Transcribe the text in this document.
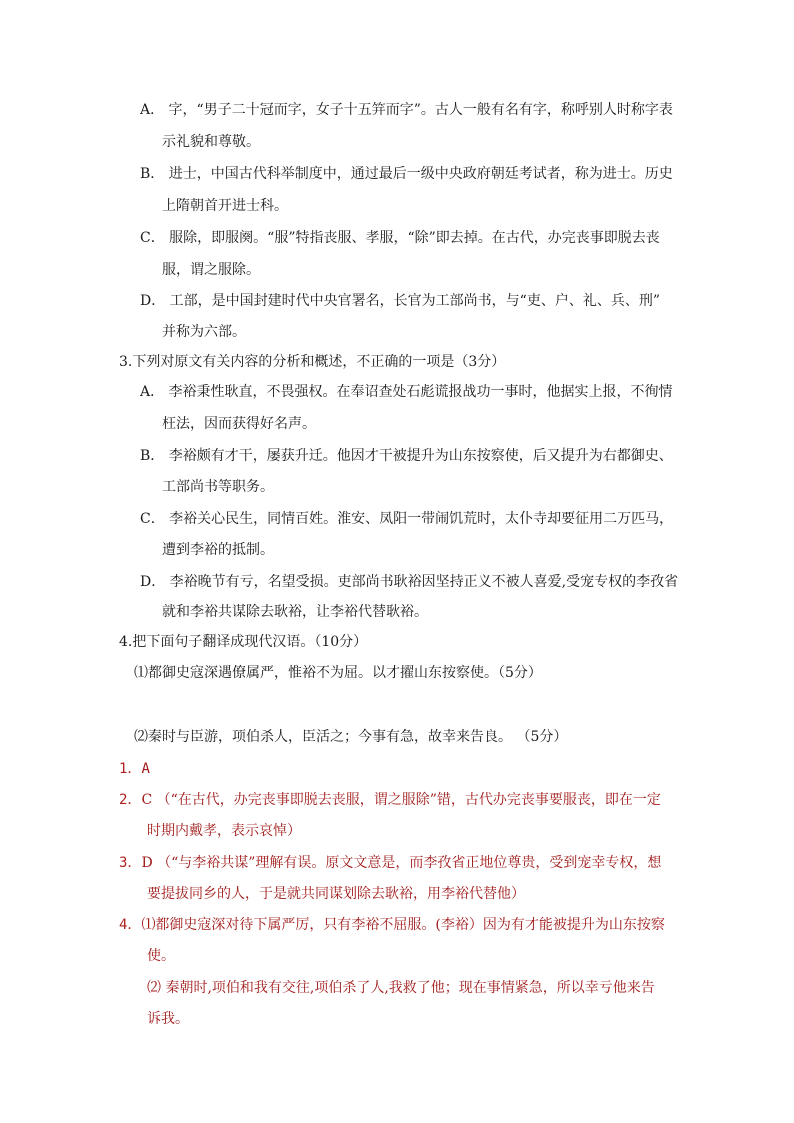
A． 字，“男子二十冠而字，女子十五笄而字”。古人一般有名有字，称呼别人时称字表
示礼貌和尊敬。
B． 进士，中国古代科举制度中，通过最后一级中央政府朝廷考试者，称为进士。历史
上隋朝首开进士科。
C． 服除，即服阕。“服”特指丧服、孝服，“除”即去掉。在古代，办完丧事即脱去丧
服，谓之服除。
D． 工部，是中国封建时代中央官署名，长官为工部尚书，与“吏、户、礼、兵、刑”
并称为六部。
3.下列对原文有关内容的分析和概述，不正确的一项是（3分）
A． 李裕秉性耿直，不畏强权。在奉诏查处石彪谎报战功一事时，他据实上报，不徇情
枉法，因而获得好名声。
B． 李裕颇有才干，屡获升迁。他因才干被提升为山东按察使，后又提升为右都御史、
工部尚书等职务。
C． 李裕关心民生，同情百姓。淮安、凤阳一带闹饥荒时，太仆寺却要征用二万匹马，
遭到李裕的抵制。
D． 李裕晚节有亏，名望受损。吏部尚书耿裕因坚持正义不被人喜爱,受宠专权的李孜省
就和李裕共谋除去耿裕，让李裕代替耿裕。
4.把下面句子翻译成现代汉语。（10分）
⑴都御史寇深遇僚属严，惟裕不为屈。以才擢山东按察使。（5分）
⑵秦时与臣游，项伯杀人，臣活之；今事有急，故幸来告良。 （5分）
1．A
2．C （“在古代，办完丧事即脱去丧服，谓之服除”错，古代办完丧事要服丧，即在一定
时期内戴孝，表示哀悼）
3．D （“与李裕共谋”理解有误。原文文意是，而李孜省正地位尊贵，受到宠幸专权，想
要提拔同乡的人，于是就共同谋划除去耿裕，用李裕代替他）
4．⑴都御史寇深对待下属严厉，只有李裕不屈服。(李裕）因为有才能被提升为山东按察
使。
⑵ 秦朝时,项伯和我有交往,项伯杀了人,我救了他；现在事情紧急，所以幸亏他来告
诉我。
